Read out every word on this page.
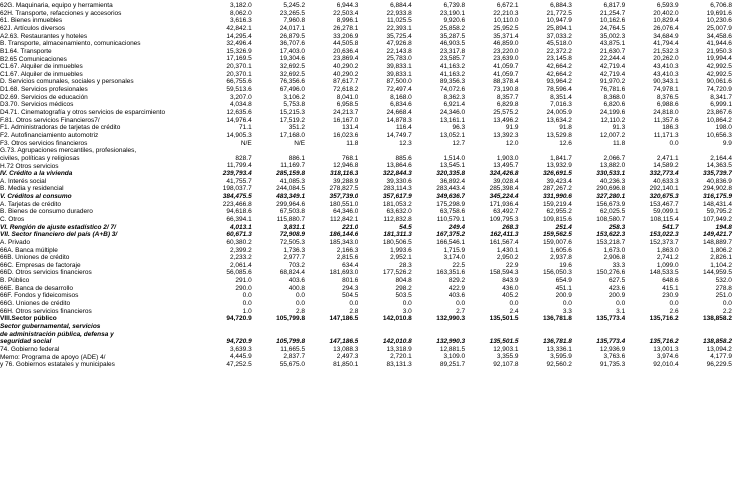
62G. Maquinaria, equipo y herramienta	3,182.0	5,245.2	6,944.3	6,884.4	6,739.8	6,672.1	6,884.3	6,817.9	6,593.9	6,706.8
62H. Transporte, refacciones y accesorios	8,062.0	23,265.5	22,503.4	22,933.8	23,190.1	22,210.3	21,772.5	21,254.7	20,402.0	19,691.6
61. Bienes inmuebles	3,616.3	7,960.8	8,996.1	11,025.5	9,920.6	10,110.0	10,947.9	10,162.6	10,829.4	10,230.6
62J. Artículos diversos	42,842.1	24,017.1	26,278.1	22,393.1	25,858.2	25,952.5	25,894.1	24,764.5	26,076.4	25,007.9
A2.63. Restaurantes y hoteles	14,295.4	26,879.5	33,206.9	35,725.4	35,287.5	35,371.4	37,033.2	35,002.3	34,684.9	34,458.6
B. Transporte, almacenamiento, comunicaciones	32,496.4	36,707.6	44,505.8	47,926.8	46,903.5	46,859.0	45,518.0	43,875.1	41,794.4	41,944.6
B1.64. Transporte	15,326.9	17,403.0	20,636.4	22,143.8	23,317.8	23,220.0	22,372.2	21,630.7	21,532.3	21,950.3
B2.65 Comunicaciones	17,169.5	19,304.6	23,869.4	25,783.0	23,585.7	23,639.0	23,145.8	22,244.4	20,262.0	19,994.4
C1.67. Alquiler de inmuebles	20,370.1	32,692.5	40,290.2	39,833.1	41,163.2	41,059.7	42,664.2	42,719.4	43,410.3	42,992.5
C1.67. Alquiler de inmuebles	20,370.1	32,692.5	40,290.2	39,833.1	41,163.2	41,059.7	42,664.2	42,719.4	43,410.3	42,992.5
D. Servicios comunales, sociales y personales	66,755.6	76,356.6	87,617.7	87,500.0	89,356.3	88,378.4	93,964.2	91,970.2	90,343.1	90,061.6
D1.68. Servicios profesionales	59,513.6	67,496.0	72,618.2	72,497.4	74,072.6	73,190.8	78,596.4	76,781.6	74,978.1	74,720.9
D2.69. Servicios de educación	3,207.0	3,106.2	8,041.0	8,168.0	8,362.3	8,357.7	8,351.4	8,368.0	8,376.5	8,341.7
D3.70. Servicios médicos	4,034.8	5,753.8	6,958.5	6,834.6	6,921.4	6,829.8	7,016.3	6,820.6	6,988.6	6,999.1
D4.71. Cinematografía y otros servicios de esparcimiento	12,635.6	15,215.3	24,213.7	24,668.4	24,346.0	25,575.2	24,005.9	24,199.6	24,818.0	23,867.6
F.81. Otros servicios Financieros7/	14,976.4	17,519.2	16,167.0	14,878.3	13,161.1	13,496.2	13,634.2	12,110.2	11,357.6	10,864.2
F1. Administradoras de tarjetas de crédito	71.1	351.2	131.4	116.4	96.3	91.9	91.8	91.3	186.3	198.0
F2. Autofinanciamiento automotriz	14,905.3	17,168.0	16,023.6	14,749.7	13,052.1	13,392.3	13,529.8	12,007.2	11,171.3	10,656.3
F3. Otros servicios financieros	N/E	N/E	11.8	12.3	12.7	12.0	12.6	11.8	0.0	9.9
G.73. Agrupaciones mercantiles, profesionales,
civiles, políticas y religiosas	828.7	886.1	768.1	885.6	1,514.0	1,903.0	1,841.7	2,066.7	2,471.1	2,164.4
H.72 Otros servicios	11,799.4	11,169.7	12,946.8	13,864.6	13,545.1	13,495.7	13,932.9	13,882.0	14,589.2	14,363.5
IV. Crédito a la vivienda	239,793.4	285,159.8	318,116.3	322,844.3	320,335.8	324,426.8	326,691.5	330,533.1	332,773.4	335,739.7
A. Interés social	41,755.7	41,085.3	39,288.9	39,330.6	36,892.4	39,028.4	39,423.4	40,236.3	40,633.3	40,836.9
B. Media y residencial	198,037.7	244,084.5	278,827.5	283,114.3	283,443.4	285,398.4	287,267.2	290,696.8	292,140.1	294,902.8
V. Créditos al consumo	384,475.5	483,349.1	357,739.0	357,617.9	349,636.7	345,224.4	331,990.6	327,280.1	320,675.3	316,175.9
A. Tarjetas de crédito	223,466.8	299,964.6	180,551.0	181,053.2	175,298.9	171,936.4	159,219.4	156,673.9	153,467.7	148,431.4
B. Bienes de consumo duradero	94,618.6	67,503.8	64,346.0	63,632.0	63,758.6	63,492.7	62,955.2	62,025.5	59,099.1	59,795.2
C. Otros	66,394.1	115,880.7	112,842.1	112,832.8	110,579.1	109,795.3	109,815.6	108,580.7	108,115.4	107,949.2
VI. Rengión de ajuste estadístico 2/ 7/	4,013.1	3,831.1	221.0	54.5	249.4	268.3	251.4	258.3	541.7	194.8
VII. Sector financiero del país (A+B) 3/	60,671.3	72,908.9	186,144.6	181,311.3	167,375.2	162,411.3	159,562.5	153,622.3	153,022.3	149,421.7
A. Privado	60,380.2	72,505.3	185,343.0	180,506.5	166,546.1	161,567.4	159,007.6	153,218.7	152,373.7	148,889.7
66A. Banca múltiple	2,399.2	1,736.3	2,166.3	1,993.6	1,715.9	1,430.1	1,605.6	1,673.0	1,863.0	1,806.2
66B. Uniones de crédito	2,233.2	2,977.7	2,815.6	2,952.1	3,174.0	2,950.2	2,937.8	2,906.8	2,741.2	2,826.1
66C. Empresas de factoraje	2,061.4	703.2	634.4	28.3	22.5	22.9	19.6	33.3	1,099.0	1,104.2
66D. Otros servicios financieros	56,085.6	68,824.4	181,693.0	177,526.2	163,351.6	158,594.3	156,050.3	150,276.6	148,533.5	144,959.5
B. Público	291.0	403.6	801.6	804.8	829.2	843.9	654.9	627.5	648.6	532.0
66E. Banca de desarrollo	290.0	400.8	294.3	298.2	422.9	436.0	451.1	423.6	415.1	278.8
66F. Fondos y fideicomisos	0.0	0.0	504.5	503.5	403.6	405.2	200.9	200.9	230.9	251.0
66G. Uniones de crédito	0.0	0.0	0.0	0.0	0.0	0.0	0.0	0.0	0.0	0.0
66H. Otros servicios financieros	1.0	2.8	2.8	3.0	2.7	2.4	3.3	3.1	2.6	2.2
VIII.Sector público	94,720.9	105,799.8	147,186.5	142,010.8	132,990.3	135,501.5	136,781.8	135,773.4	135,716.2	138,858.2
Sector gubernamental, servicios
de administración pública, defensa y
seguridad social	94,720.9	105,799.8	147,186.5	142,010.8	132,990.3	135,501.5	136,781.8	135,773.4	135,716.2	138,858.2
74. Gobierno federal	3,639.3	11,665.5	13,088.3	13,318.9	12,881.5	12,903.1	13,336.1	12,936.9	13,001.3	13,094.2
Memo: Programa de apoyo (ADE) 4/	4,445.9	2,837.7	2,497.3	2,720.1	3,109.0	3,355.9	3,595.9	3,763.6	3,974.6	4,177.9
y 76. Gobiernos estatales y municipales	47,252.5	55,675.0	81,850.1	83,131.3	89,251.7	92,107.8	92,560.2	91,735.3	92,010.4	96,229.5
